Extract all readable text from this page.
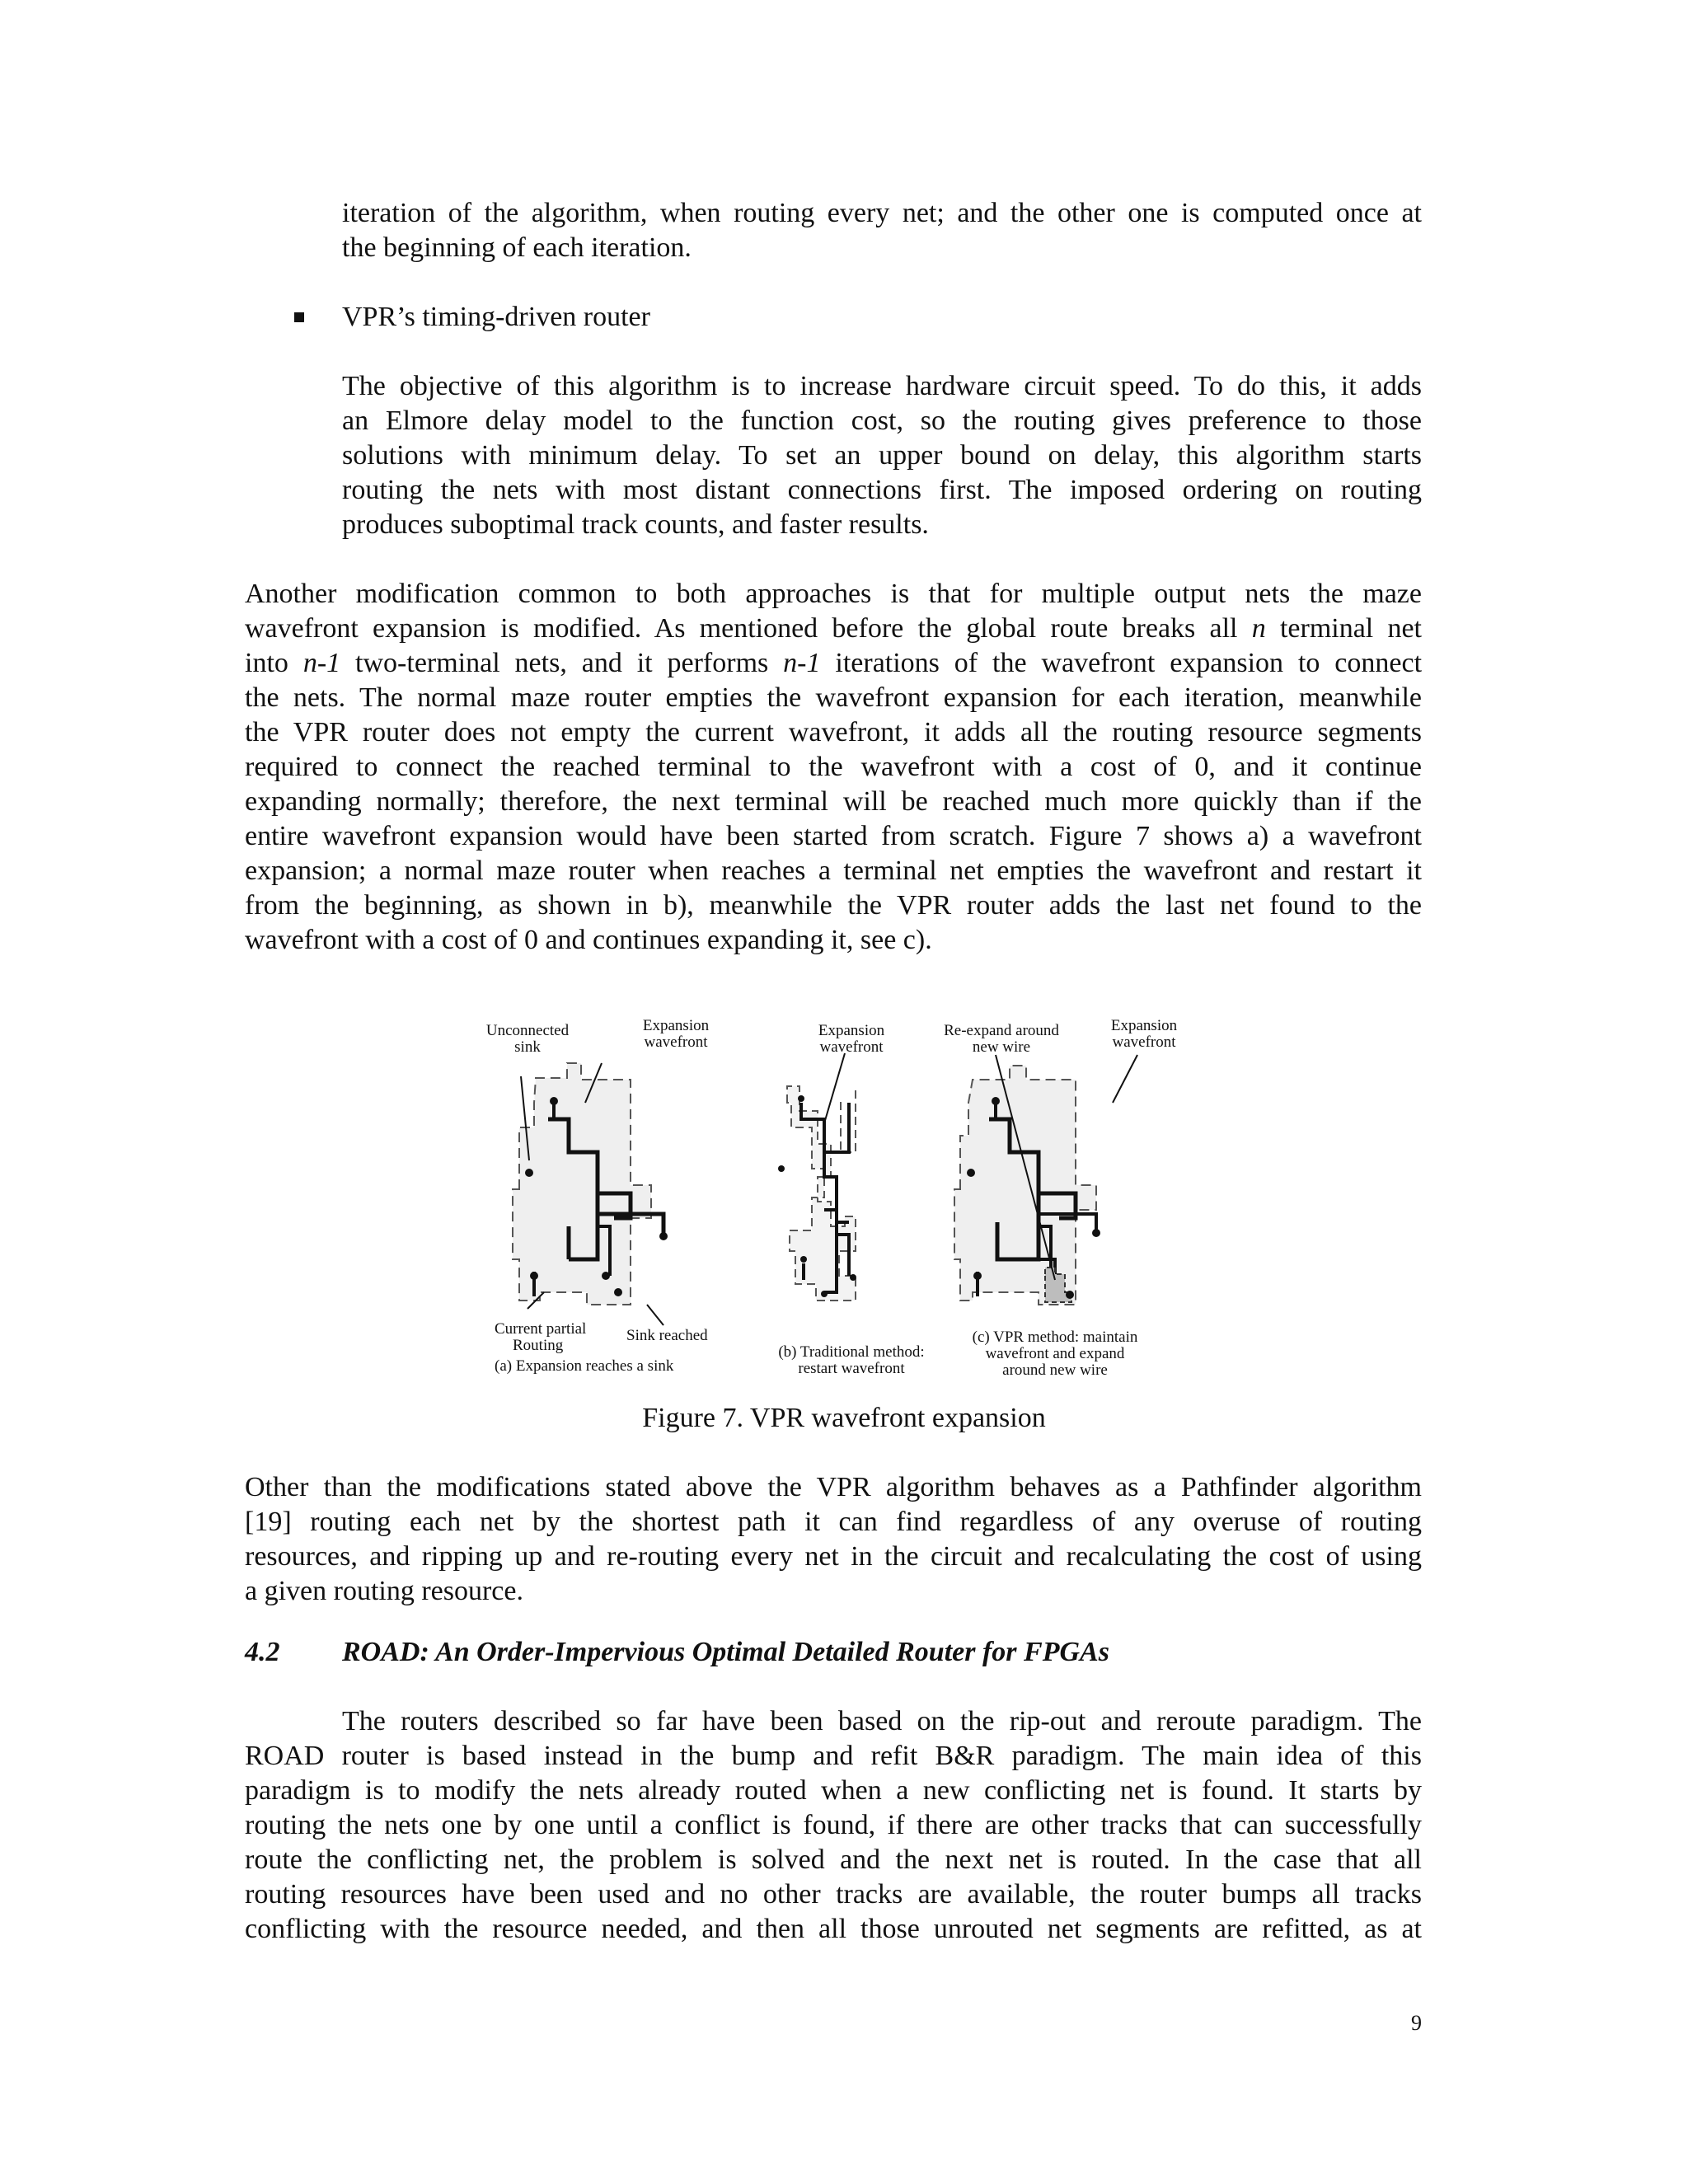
iteration of the algorithm, when routing every net; and the other one is computed once at
the beginning of each iteration.
VPR’s timing-driven router
The objective of this algorithm is to increase hardware circuit speed. To do this, it adds
an Elmore delay model to the function cost, so the routing gives preference to those
solutions with minimum delay. To set an upper bound on delay, this algorithm starts
routing the nets with most distant connections first. The imposed ordering on routing
produces suboptimal track counts, and faster results.
Another modification common to both approaches is that for multiple output nets the maze
wavefront expansion is modified. As mentioned before the global route breaks all n terminal net
into n-1 two-terminal nets, and it performs n-1 iterations of the wavefront expansion to connect
the nets. The normal maze router empties the wavefront expansion for each iteration, meanwhile
the VPR router does not empty the current wavefront, it adds all the routing resource segments
required to connect the reached terminal to the wavefront with a cost of 0, and it continue
expanding normally; therefore, the next terminal will be reached much more quickly than if the
entire wavefront expansion would have been started from scratch. Figure 7 shows a) a wavefront
expansion; a normal maze router when reaches a terminal net empties the wavefront and restart it
from the beginning, as shown in b), meanwhile the VPR router adds the last net found to the
wavefront with a cost of 0 and continues expanding it, see c).
Unconnected
sink
Expansion
wavefront
Current partial
Routing
Sink reached
(a) Expansion reaches a sink
Expansion
wavefront
(b) Traditional method:
restart wavefront
Re-expand around
new wire
Expansion
wavefront
(c) VPR method: maintain
wavefront and expand
around new wire
Figure 7. VPR wavefront expansion
Other than the modifications stated above the VPR algorithm behaves as a Pathfinder algorithm
[19] routing each net by the shortest path it can find regardless of any overuse of routing
resources, and ripping up and re-routing every net in the circuit and recalculating the cost of using
a given routing resource.
4.2 ROAD: An Order-Impervious Optimal Detailed Router for FPGAs
The routers described so far have been based on the rip-out and reroute paradigm. The
ROAD router is based instead in the bump and refit B&R paradigm. The main idea of this
paradigm is to modify the nets already routed when a new conflicting net is found. It starts by
routing the nets one by one until a conflict is found, if there are other tracks that can successfully
route the conflicting net, the problem is solved and the next net is routed. In the case that all
routing resources have been used and no other tracks are available, the router bumps all tracks
conflicting with the resource needed, and then all those unrouted net segments are refitted, as at
9
